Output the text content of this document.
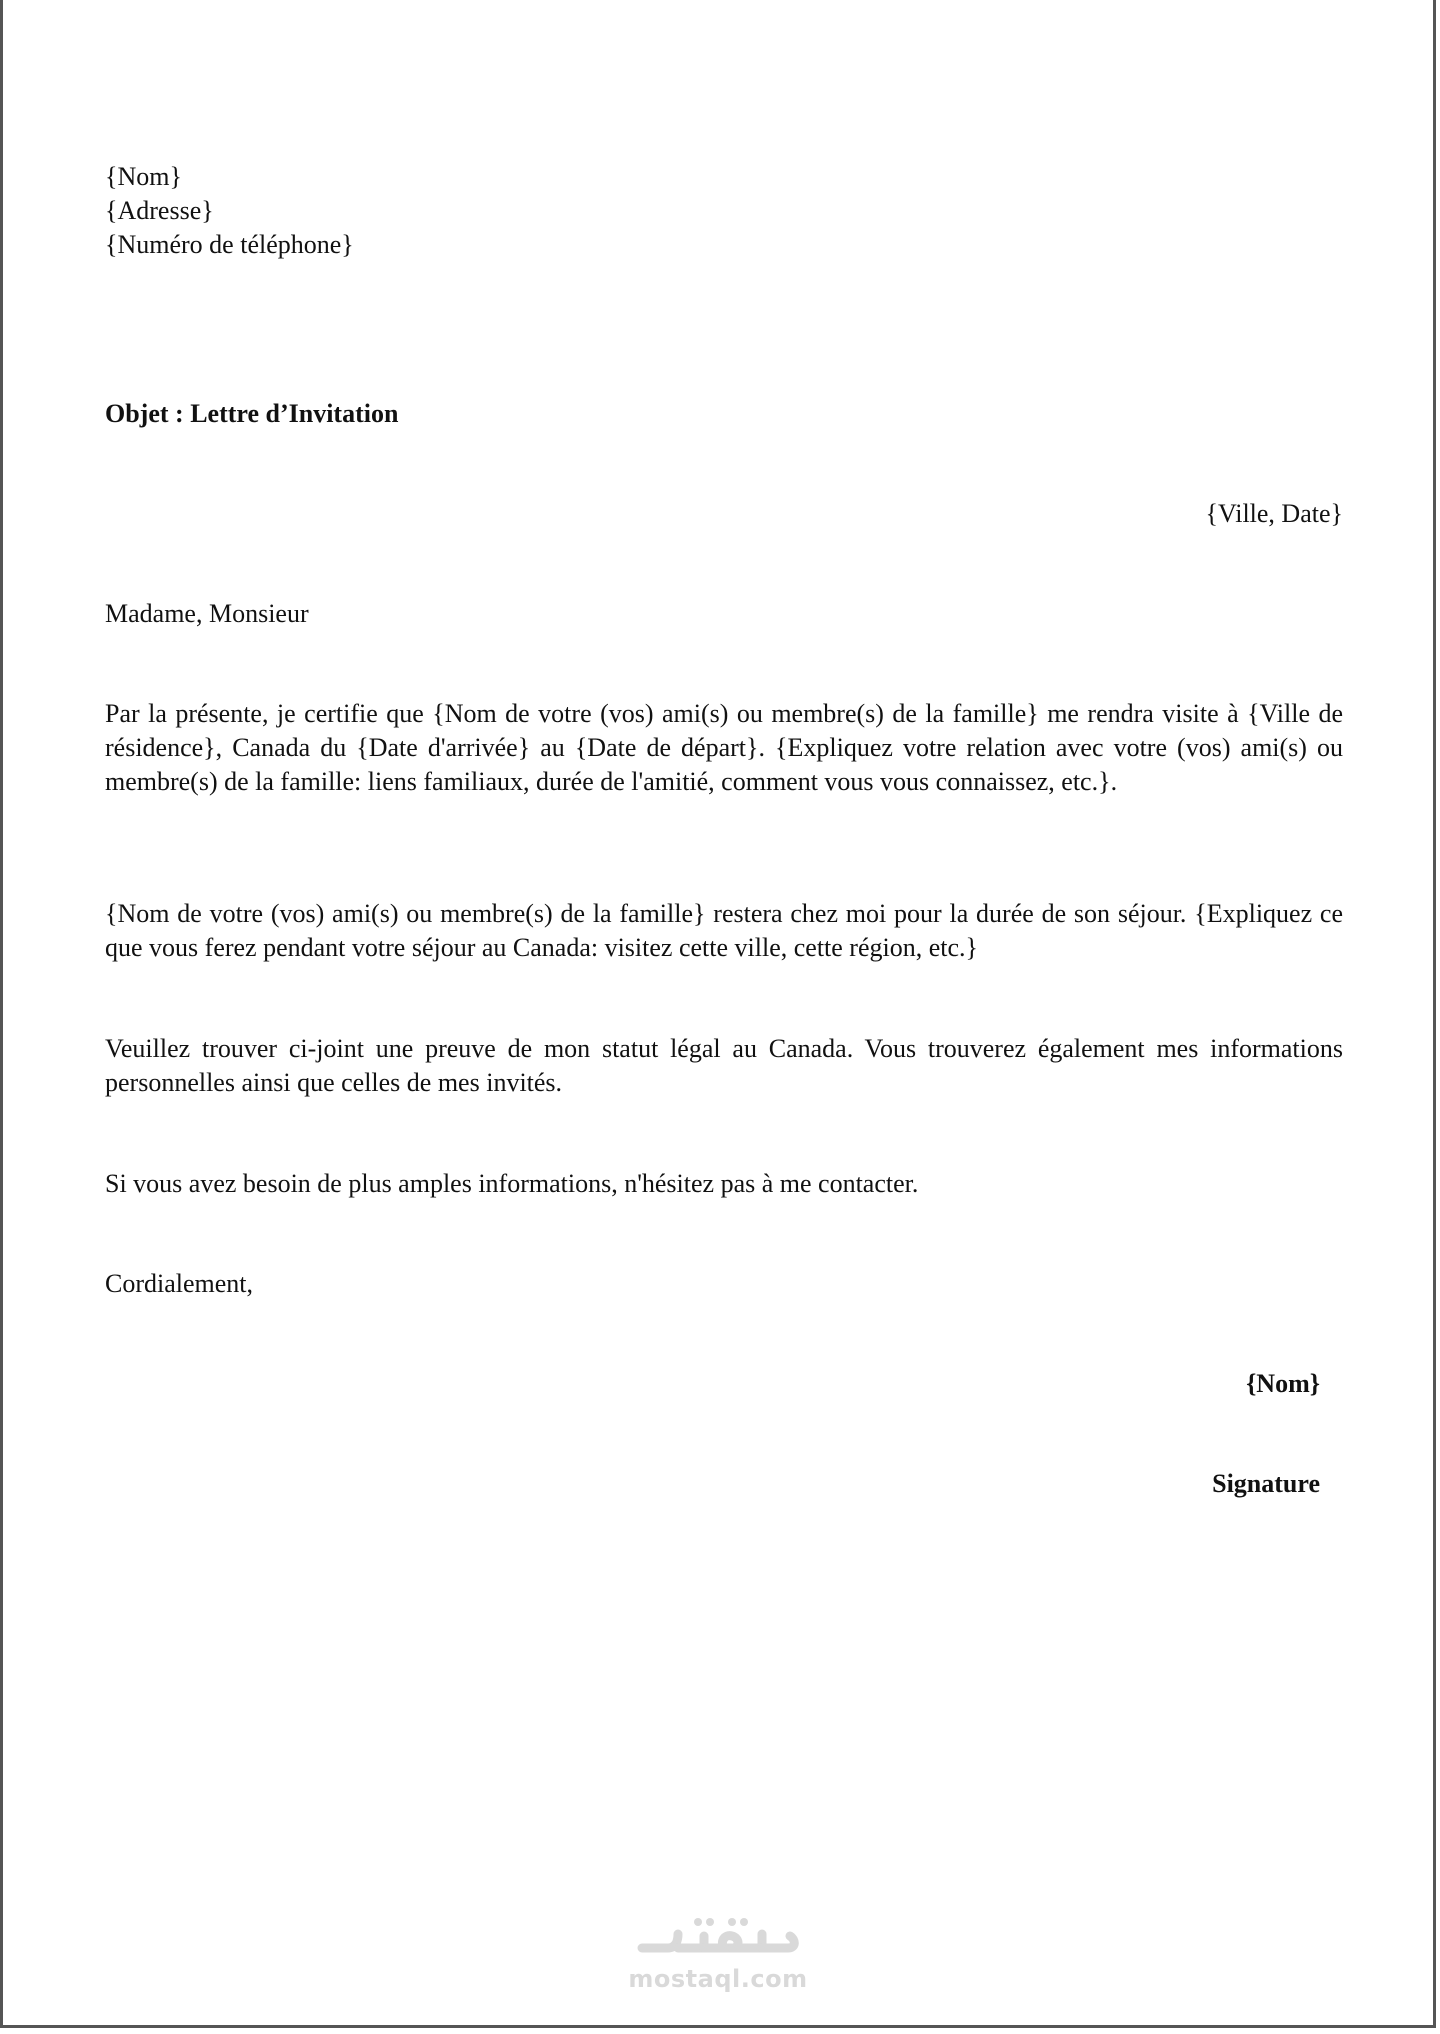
{Nom}
{Adresse}
{Numéro de téléphone}
Objet : Lettre d’Invitation
{Ville, Date}
Madame, Monsieur
Par la présente, je certifie que {Nom de votre (vos) ami(s) ou membre(s) de la famille} me rendra visite à {Ville de résidence}, Canada du {Date d'arrivée} au {Date de départ}. {Expliquez votre relation avec votre (vos) ami(s) ou membre(s) de la famille: liens familiaux, durée de l'amitié, comment vous vous connaissez, etc.}.
{Nom de votre (vos) ami(s) ou membre(s) de la famille} restera chez moi pour la durée de son séjour. {Expliquez ce que vous ferez pendant votre séjour au Canada: visitez cette ville, cette région, etc.}
Veuillez trouver ci-joint une preuve de mon statut légal au Canada. Vous trouverez également mes informations personnelles ainsi que celles de mes invités.
Si vous avez besoin de plus amples informations, n'hésitez pas à me contacter.
Cordialement,
{Nom}
Signature
mostaql.com
